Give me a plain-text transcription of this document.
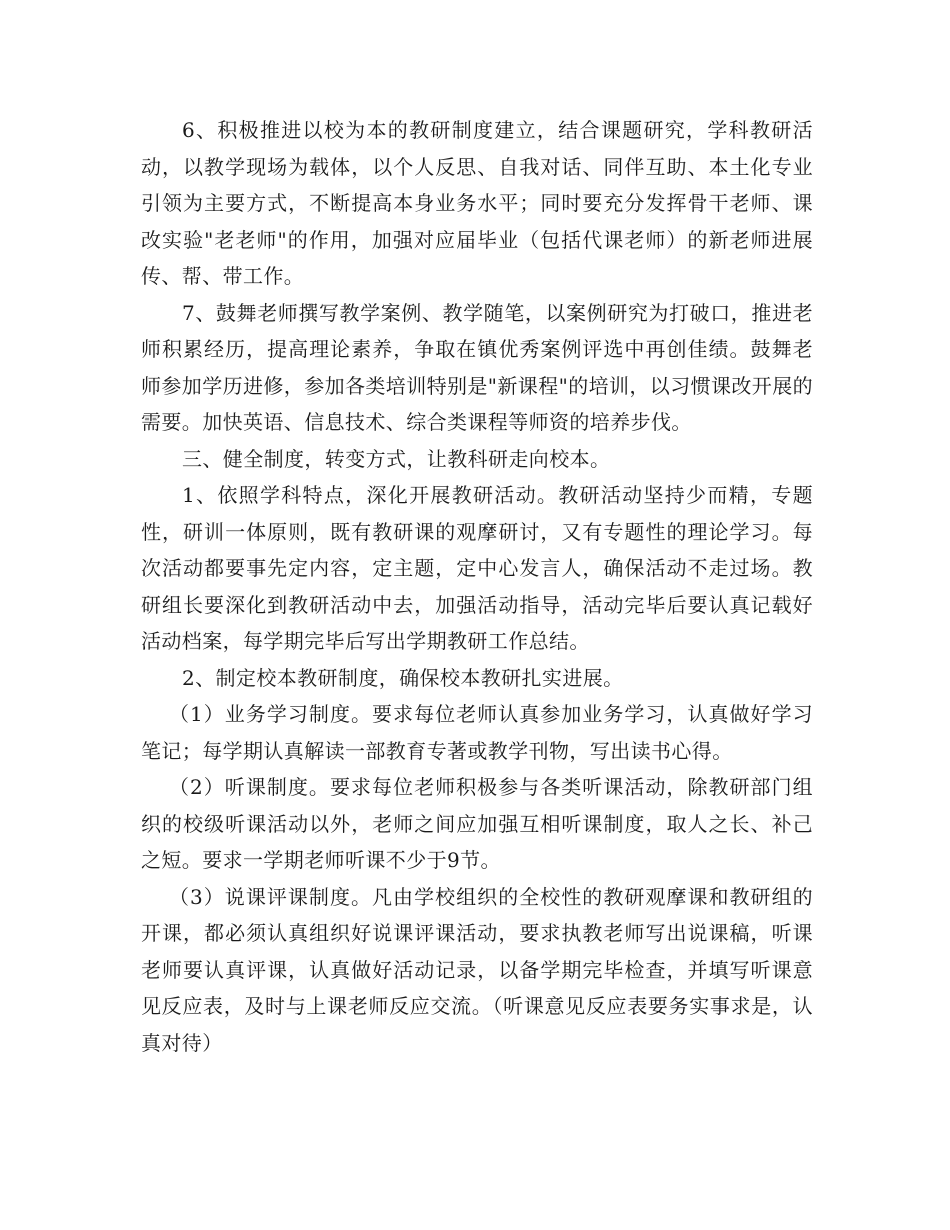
6、积极推进以校为本的教研制度建立，结合课题研究，学科教研活动，以教学现场为载体，以个人反思、自我对话、同伴互助、本土化专业引领为主要方式，不断提高本身业务水平；同时要充分发挥骨干老师、课改实验"老老师"的作用，加强对应届毕业（包括代课老师）的新老师进展传、帮、带工作。

7、鼓舞老师撰写教学案例、教学随笔，以案例研究为打破口，推进老师积累经历，提高理论素养，争取在镇优秀案例评选中再创佳绩。鼓舞老师参加学历进修，参加各类培训特别是"新课程"的培训，以习惯课改开展的需要。加快英语、信息技术、综合类课程等师资的培养步伐。

三、健全制度，转变方式，让教科研走向校本。

1、依照学科特点，深化开展教研活动。教研活动坚持少而精，专题性，研训一体原则，既有教研课的观摩研讨，又有专题性的理论学习。每次活动都要事先定内容，定主题，定中心发言人，确保活动不走过场。教研组长要深化到教研活动中去，加强活动指导，活动完毕后要认真记载好活动档案，每学期完毕后写出学期教研工作总结。

2、制定校本教研制度，确保校本教研扎实进展。

（1）业务学习制度。要求每位老师认真参加业务学习，认真做好学习笔记；每学期认真解读一部教育专著或教学刊物，写出读书心得。

（2）听课制度。要求每位老师积极参与各类听课活动，除教研部门组织的校级听课活动以外，老师之间应加强互相听课制度，取人之长、补己之短。要求一学期老师听课不少于9节。

（3）说课评课制度。凡由学校组织的全校性的教研观摩课和教研组的开课，都必须认真组织好说课评课活动，要求执教老师写出说课稿，听课老师要认真评课，认真做好活动记录，以备学期完毕检查，并填写听课意见反应表，及时与上课老师反应交流。（听课意见反应表要务实事求是，认真对待）
